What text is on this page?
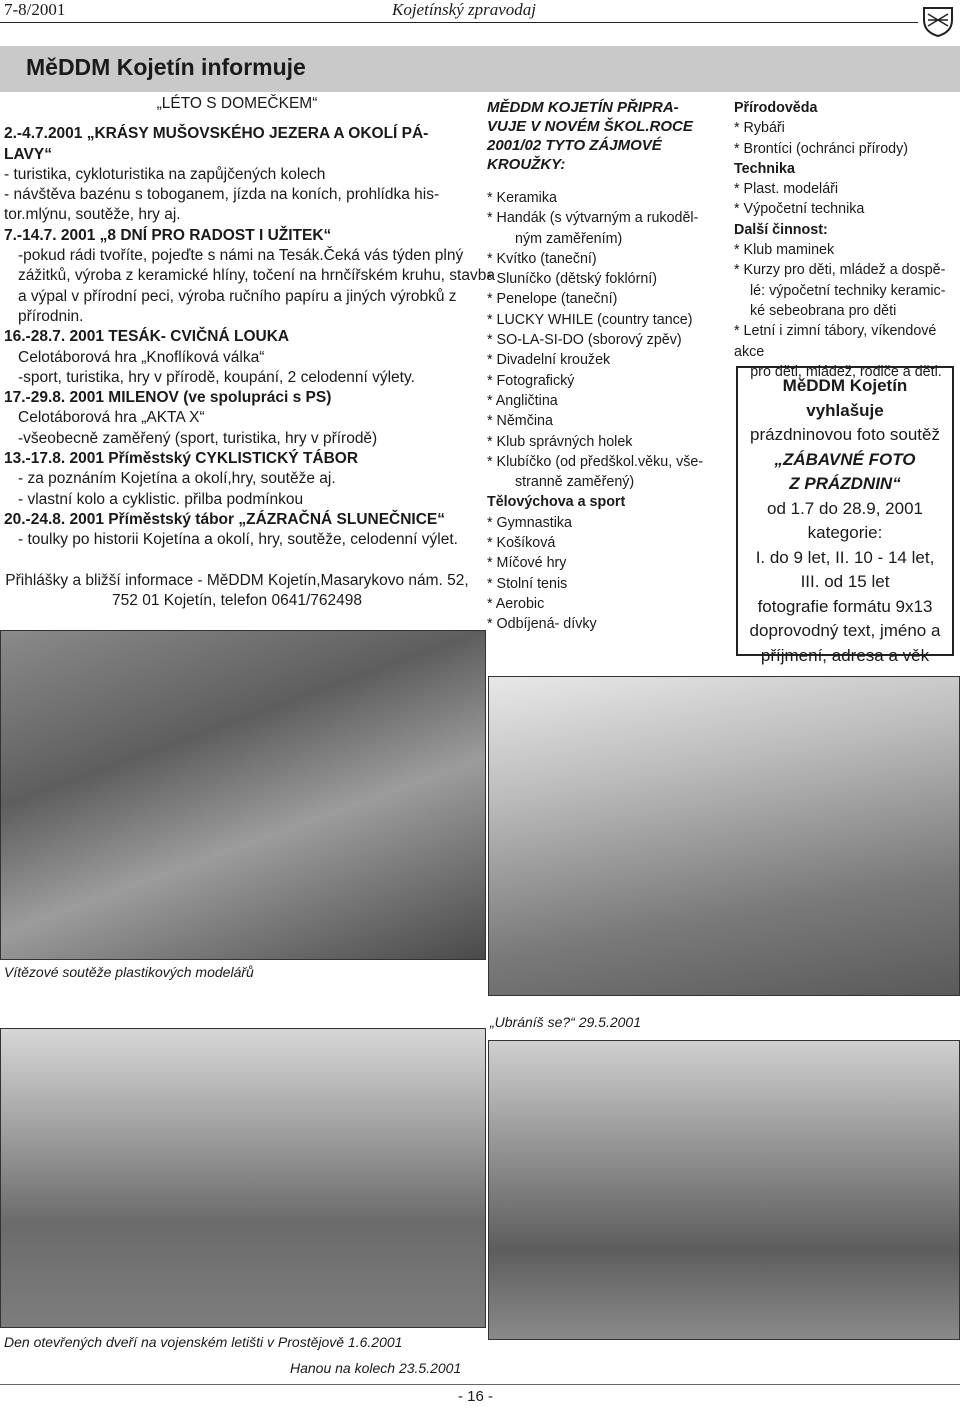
7-8/2001	Kojetínský zpravodaj
MěDDM Kojetín informuje
„LÉTO S DOMEČKEM“
2.-4.7.2001 „KRÁSY MUŠOVSKÉHO JEZERA A OKOLÍ PÁ-
LAVY“
- turistika, cykloturistika na zapůjčených kolech
- návštěva bazénu s toboganem, jízda na koních, prohlídka his-
tor.mlýnu, soutěže, hry aj.
7.-14.7. 2001 „8 DNÍ PRO RADOST I UŽITEK“
-pokud rádi tvoříte, pojeďte s námi na Tesák.Čeká vás týden plný
zážitků, výroba z keramické hlíny, točení na hrnčířském kruhu, stavba
a výpal v přírodní peci, výroba ručního papíru a jiných výrobků z
přírodnin.
16.-28.7. 2001 TESÁK- CVIČNÁ LOUKA
Celotáborová hra „Knoflíková válka“
-sport, turistika, hry v přírodě, koupání, 2 celodenní výlety.
17.-29.8. 2001 MILENOV (ve spolupráci s PS)
Celotáborová hra „AKTA X“
-všeobecně zaměřený (sport, turistika, hry v přírodě)
13.-17.8. 2001 Příměstský CYKLISTICKÝ TÁBOR
- za poznáním Kojetína a okolí,hry, soutěže aj.
- vlastní kolo a cyklistic. přilba podmínkou
20.-24.8. 2001 Příměstský tábor „ZÁZRAČNÁ SLUNEČNICE“
- toulky po historii Kojetína a okolí, hry, soutěže, celodenní výlet.
Přihlášky a bližší informace - MěDDM Kojetín,Masarykovo nám. 52,
752 01 Kojetín, telefon 0641/762498
MĚDDM KOJETÍN PŘIPRA-
VUJE V NOVÉM ŠKOL.ROCE
2001/02 TYTO ZÁJMOVÉ
KROUŽKY:
* Keramika
* Handák (s výtvarným a rukoděl-
ným zaměřením)
* Kvítko (taneční)
* Sluníčko (dětský foklórní)
* Penelope (taneční)
* LUCKY WHILE (country tance)
* SO-LA-SI-DO (sborový zpěv)
* Divadelní kroužek
* Fotografický
* Angličtina
* Němčina
* Klub správných holek
* Klubíčko (od předškol.věku, vše-
stranně zaměřený)
Tělovýchova a sport
* Gymnastika
* Košíková
* Míčové hry
* Stolní tenis
* Aerobic
* Odbíjená- dívky
Přírodověda
* Rybáři
* Brontíci (ochránci přírody)
Technika
* Plast. modeláři
* Výpočetní technika
Další činnost:
* Klub maminek
* Kurzy pro děti, mládež a dospě-
lé: výpočetní techniky keramic-
ké sebeobrana pro děti
* Letní i zimní tábory, víkendové akce
pro děti, mládež, rodiče a děti.
MěDDM Kojetín
vyhlašuje
prázdninovou foto soutěž
„ZÁBAVNÉ FOTO
Z PRÁZDNIN“
od 1.7 do 28.9, 2001
kategorie:
I. do 9 let, II. 10 - 14 let,
III. od 15 let
fotografie formátu 9x13
doprovodný text, jméno a
příjmení, adresa a věk
Vítězové soutěže plastikových modelářů
„Ubráníš se?“ 29.5.2001
Den otevřených dveří na vojenském letišti v Prostějově 1.6.2001
Hanou na kolech 23.5.2001
- 16 -
